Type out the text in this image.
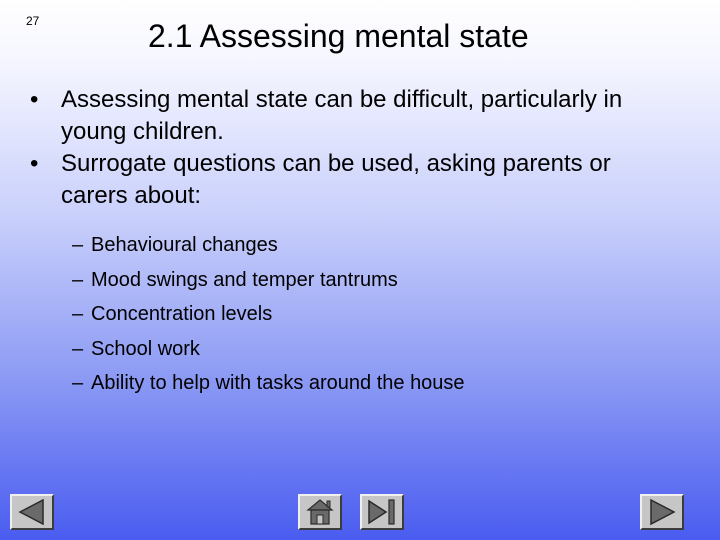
27	2.1 Assessing mental state
• Assessing mental state can be difficult, particularly in young children.
• Surrogate questions can be used, asking parents or carers about:
– Behavioural changes
– Mood swings and temper tantrums
– Concentration levels
– School work
– Ability to help with tasks around the house
